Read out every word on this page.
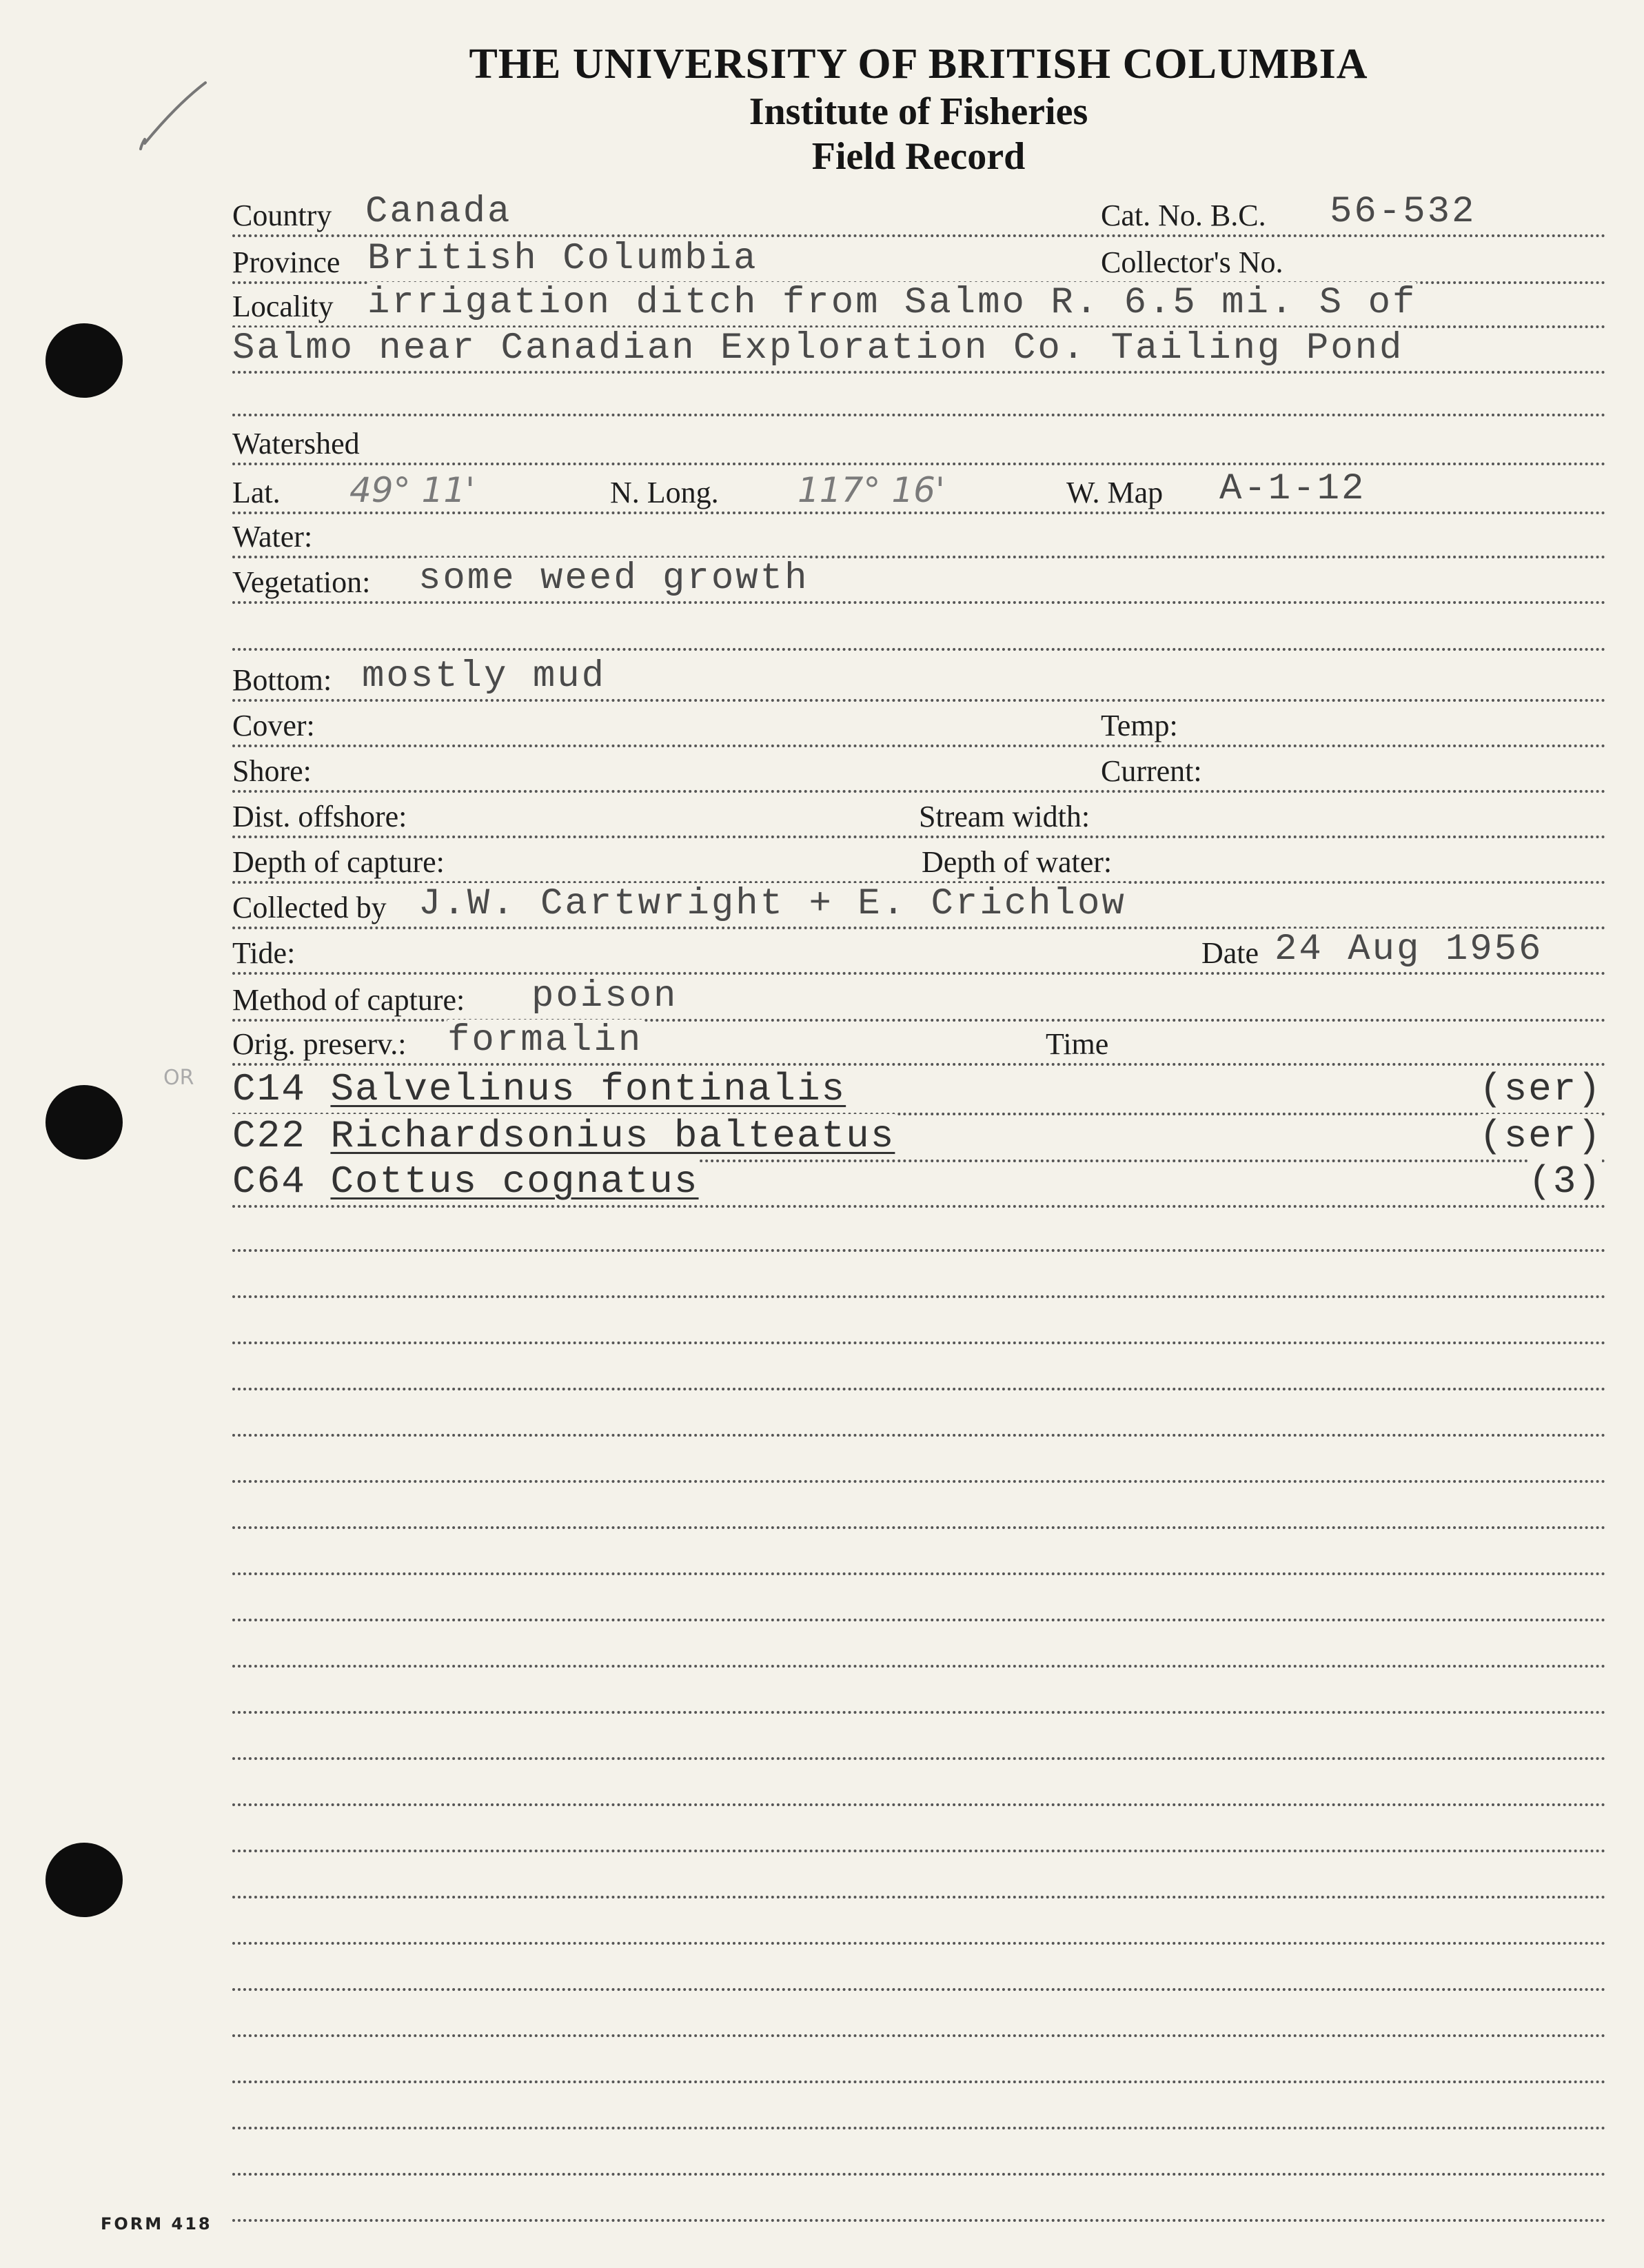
THE UNIVERSITY OF BRITISH COLUMBIA
Institute of Fisheries
Field Record
Country Canada	Cat. No. B.C. 56-532
Province British Columbia	Collector's No.
Locality irrigation ditch from Salmo R. 6.5 mi. S of
Salmo near Canadian Exploration Co. Tailing Pond
Watershed
Lat. 49° 11'	N. Long. 117° 16'	W. Map A-1-12
Water:
Vegetation: some weed growth
Bottom: mostly mud
Cover:	Temp:
Shore:	Current:
Dist. offshore:	Stream width:
Depth of capture:	Depth of water:
Collected by J.W. Cartwright + E. Crichlow
Tide:	Date 24 Aug 1956
Method of capture: poison
Orig. preserv.: formalin	Time
OR C14 Salvelinus fontinalis	(ser)
C22 Richardsonius balteatus	(ser)
C64 Cottus cognatus	(3)
FORM 418
